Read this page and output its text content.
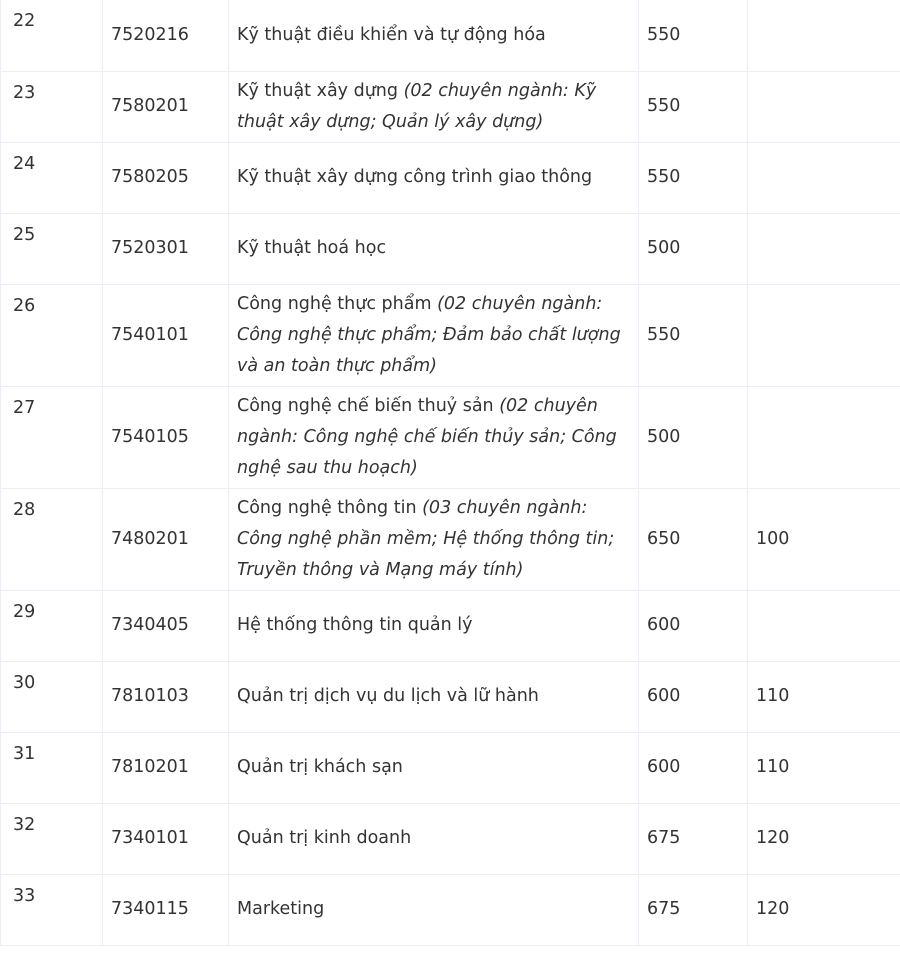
22	7520216	Kỹ thuật điều khiển và tự động hóa	550	
23	7580201	Kỹ thuật xây dựng (02 chuyên ngành: Kỹ thuật xây dựng; Quản lý xây dựng)	550	
24	7580205	Kỹ thuật xây dựng công trình giao thông	550	
25	7520301	Kỹ thuật hoá học	500	
26	7540101	Công nghệ thực phẩm (02 chuyên ngành: Công nghệ thực phẩm; Đảm bảo chất lượng và an toàn thực phẩm)	550	
27	7540105	Công nghệ chế biến thuỷ sản (02 chuyên ngành: Công nghệ chế biến thủy sản; Công nghệ sau thu hoạch)	500	
28	7480201	Công nghệ thông tin (03 chuyên ngành: Công nghệ phần mềm; Hệ thống thông tin; Truyền thông và Mạng máy tính)	650	100
29	7340405	Hệ thống thông tin quản lý	600	
30	7810103	Quản trị dịch vụ du lịch và lữ hành	600	110
31	7810201	Quản trị khách sạn	600	110
32	7340101	Quản trị kinh doanh	675	120
33	7340115	Marketing	675	120
